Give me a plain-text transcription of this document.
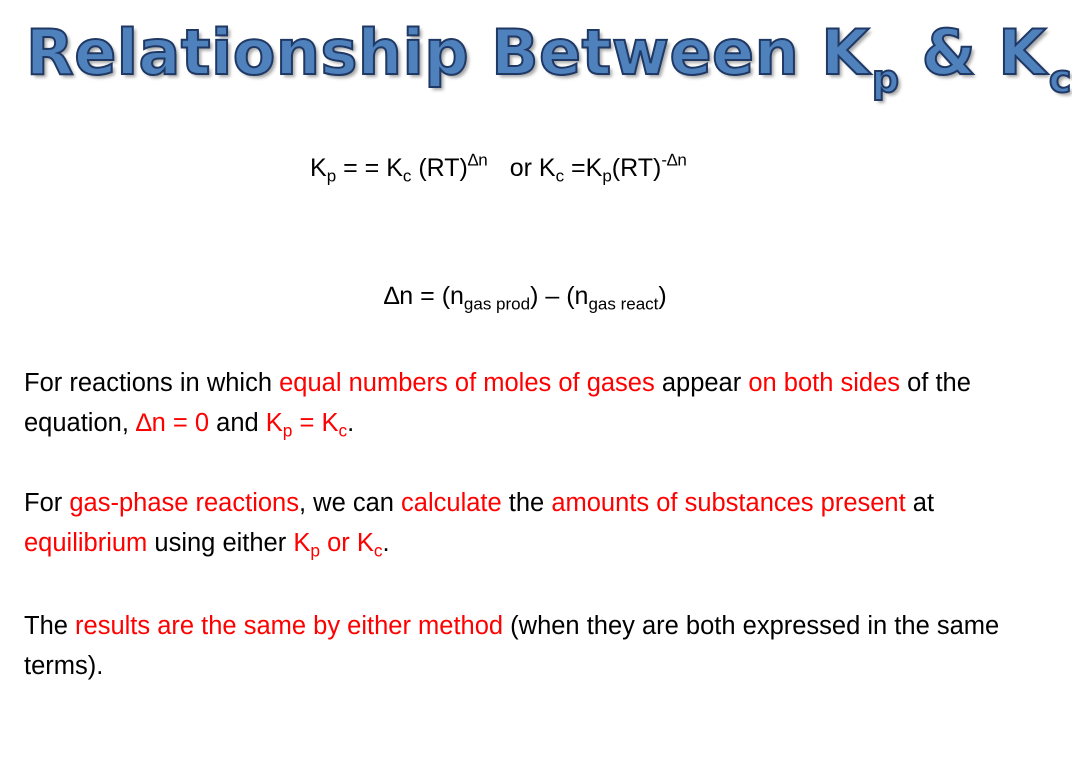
Relationship Between $K_p$ & $K_c$
$K_p$ = = $K_c$ (RT)$^{\Delta n}$ or $K_c =K_p(RT)^{-\Delta n}$
$\Delta n = (n_{gas prod}) - (n_{gas react})$

For reactions in which equal numbers of moles of gases appear on both sides of the equation, ∆n = 0 and $K_p = K_c$.

For gas-phase reactions, we can calculate the amounts of substances present at equilibrium using either $K_p$ or $K_c$.

The results are the same by either method (when they are both expressed in the same terms).
